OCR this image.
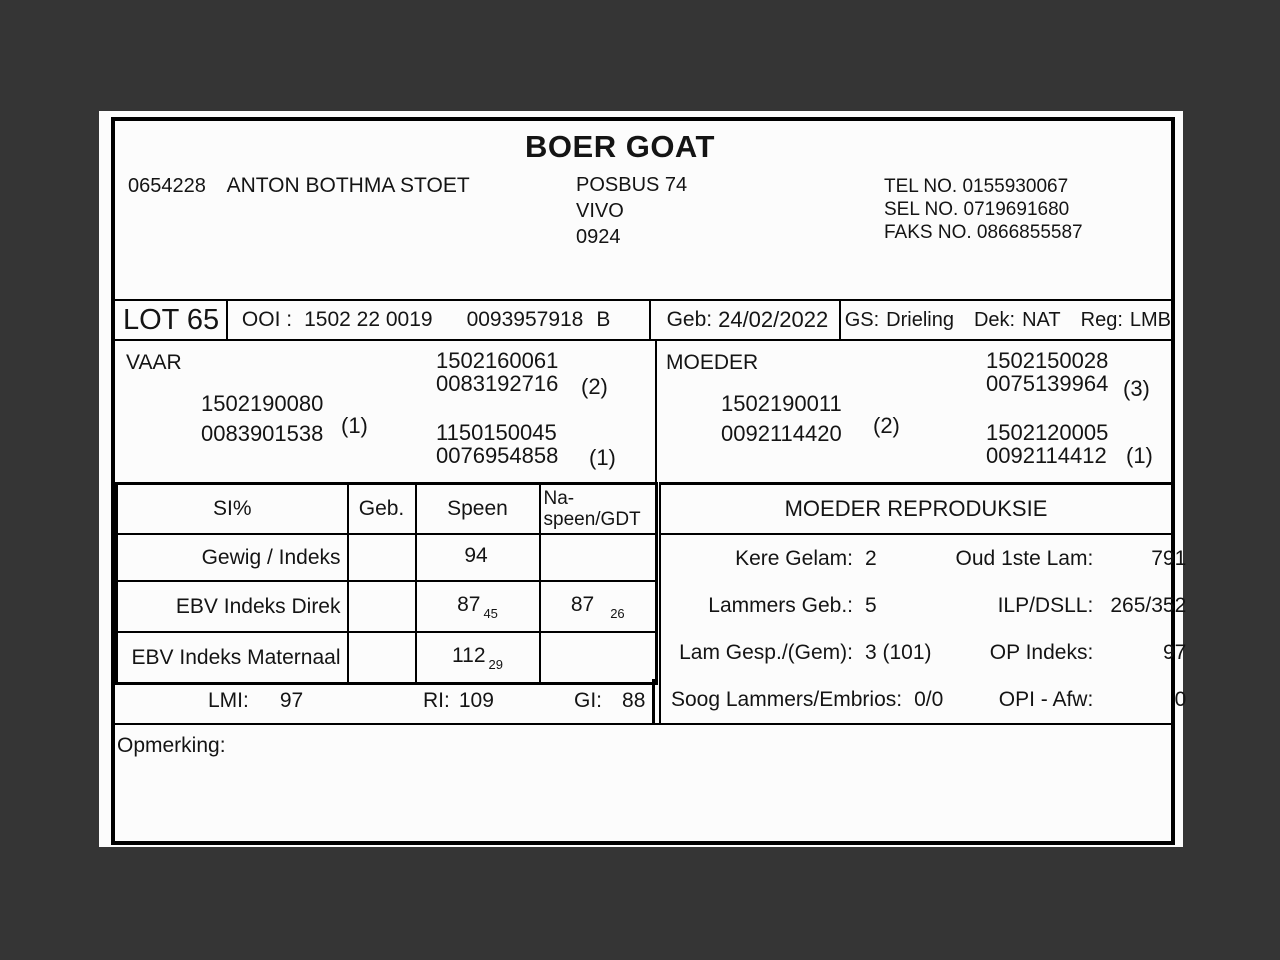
BOER GOAT
0654228 ANTON BOTHMA STOET	POSBUS 74
VIVO
0924
TEL NO. 0155930067
SEL NO. 0719691680
FAKS NO. 0866855587
LOT 65	OOI : 1502 22 0019 0093957918 B	Geb: 24/02/2022 GS: Drieling Dek: NAT Reg: LMB
VAAR
1502190080
0083901538 (1)
1502160061
0083192716 (2)
1150150045
0076954858 (1)
MOEDER
1502190011
0092114420 (2)
1502150028
0075139964 (3)
1502120005
0092114412 (1)
SI%	Geb.	Speen	Na-
speen/GDT

Gewig / Indeks		94	
EBV Indeks Direk		87 $_{45}$	87 $_{26}$
EBV Indeks Maternaal		112 $_{29}$	
LMI: 97	RI: 109	GI: 88
MOEDER REPRODUKSIE
Kere Gelam: 2	Oud 1ste Lam:	791
Lammers Geb.: 5	ILP/DSLL: 265/352
Lam Gesp./(Gem): 3 (101)	OP Indeks:	97
Soog Lammers/Embrios: 0/0	OPI - Afw:	0
Opmerking:
